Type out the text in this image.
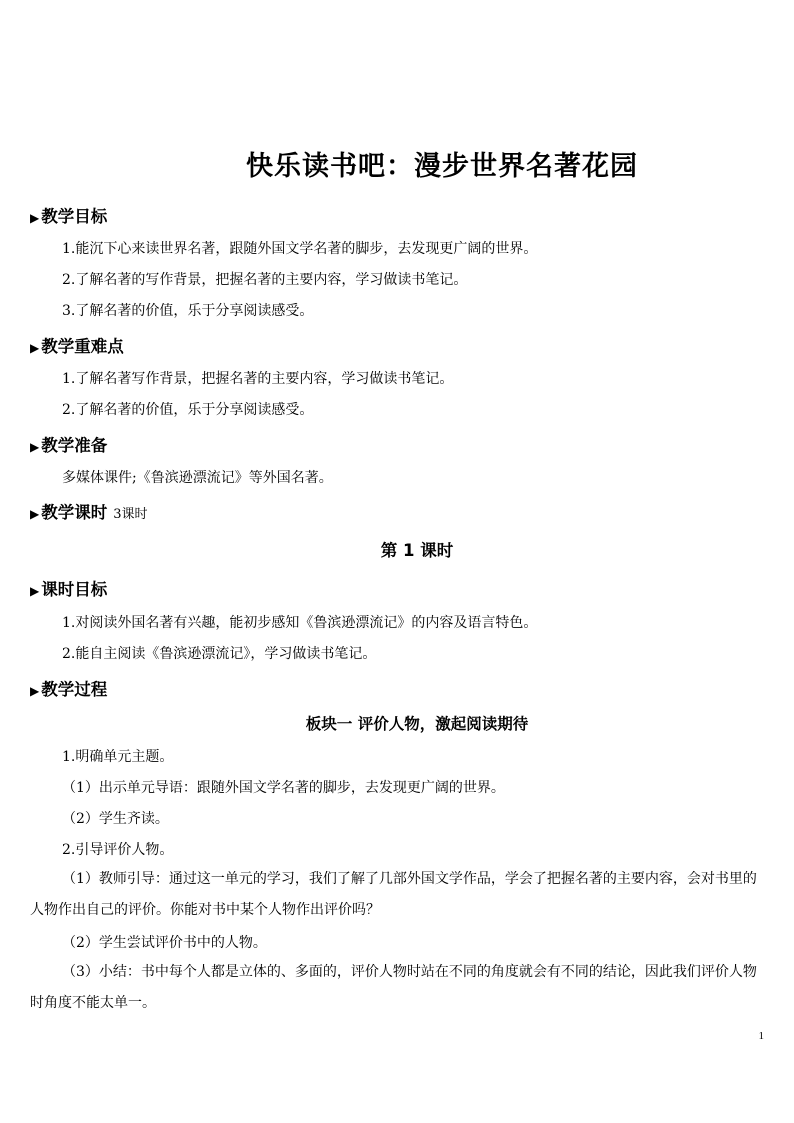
快乐读书吧：漫步世界名著花园
▶ 教学目标
1.能沉下心来读世界名著，跟随外国文学名著的脚步，去发现更广阔的世界。
2.了解名著的写作背景，把握名著的主要内容，学习做读书笔记。
3.了解名著的价值，乐于分享阅读感受。
▶ 教学重难点
1.了解名著写作背景，把握名著的主要内容，学习做读书笔记。
2.了解名著的价值，乐于分享阅读感受。
▶ 教学准备
多媒体课件;《鲁滨逊漂流记》等外国名著。
▶ 教学课时 3课时
第 1 课时
▶ 课时目标
1.对阅读外国名著有兴趣，能初步感知《鲁滨逊漂流记》的内容及语言特色。
2.能自主阅读《鲁滨逊漂流记》，学习做读书笔记。
▶ 教学过程
板块一 评价人物，激起阅读期待
1.明确单元主题。
（1）出示单元导语：跟随外国文学名著的脚步，去发现更广阔的世界。
（2）学生齐读。
2.引导评价人物。
（1）教师引导：通过这一单元的学习，我们了解了几部外国文学作品，学会了把握名著的主要内容，会对书里的人物作出自己的评价。你能对书中某个人物作出评价吗？
（2）学生尝试评价书中的人物。
（3）小结：书中每个人都是立体的、多面的，评价人物时站在不同的角度就会有不同的结论，因此我们评价人物时角度不能太单一。
1
